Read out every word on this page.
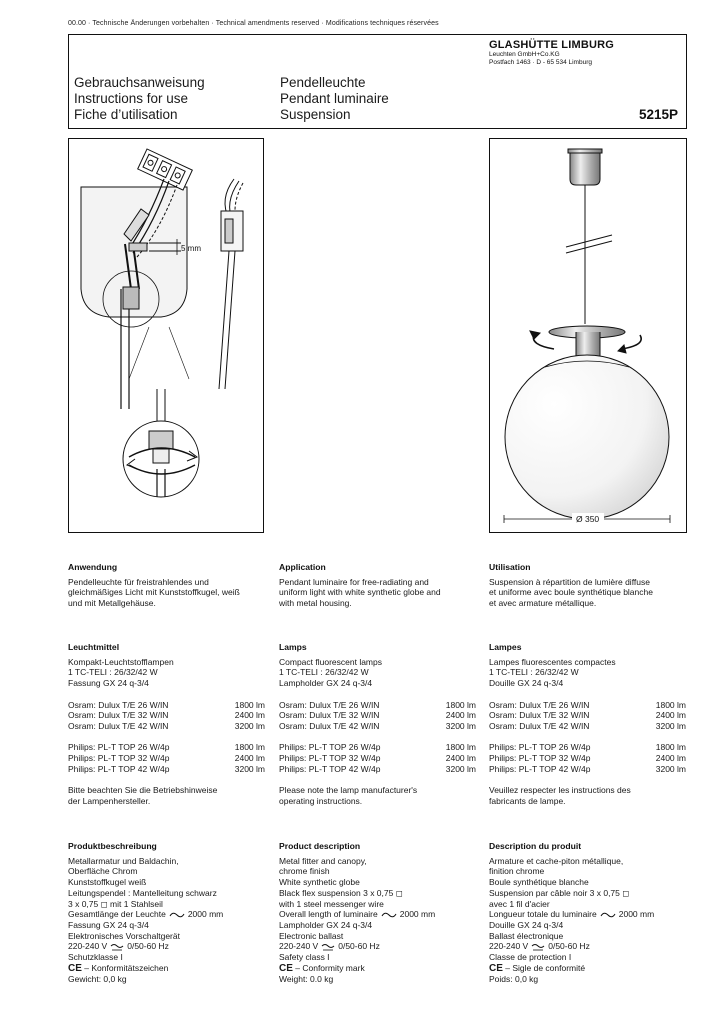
00.00 · Technische Änderungen vorbehalten · Technical amendments reserved · Modifications techniques réservées
GLASHÜTTE LIMBURG
Leuchten GmbH+Co.KG
Postfach 1463 · D - 65 534 Limburg
Gebrauchsanweisung
Instructions for use
Fiche d’utilisation
Pendelleuchte
Pendant luminaire
Suspension	5215P
5 mm
Ø 350
Anwendung
Pendelleuchte für freistrahlendes und
gleichmäßiges Licht mit Kunststoffkugel, weiß
und mit Metallgehäuse.
Leuchtmittel
Kompakt-Leuchtstofflampen
1 TC-TELI : 26/32/42 W
Fassung GX 24 q-3/4
Osram: Dulux T/E 26 W/IN	1800 lm
Osram: Dulux T/E 32 W/IN	2400 lm
Osram: Dulux T/E 42 W/IN	3200 lm
Philips: PL-T TOP 26 W/4p	1800 lm
Philips: PL-T TOP 32 W/4p	2400 lm
Philips: PL-T TOP 42 W/4p	3200 lm
Bitte beachten Sie die Betriebshinweise
der Lampenhersteller.
Produktbeschreibung
Metallarmatur und Baldachin,
Oberfläche Chrom
Kunststoffkugel weiß
Leitungspendel : Mantelleitung schwarz
3 x 0,75 ◻ mit 1 Stahlseil
Gesamtlänge der Leuchte	2000 mm
Fassung GX 24 q-3/4
Elektronisches Vorschaltgerät
220-240 V 0/50-60 Hz
Schutzklasse I
CE – Konformitätszeichen
Gewicht: 0,0 kg
Application
Pendant luminaire for free-radiating and
uniform light with white synthetic globe and
with metal housing.
Lamps
Compact fluorescent lamps
1 TC-TELI : 26/32/42 W
Lampholder GX 24 q-3/4
Osram: Dulux T/E 26 W/IN	1800 lm
Osram: Dulux T/E 32 W/IN	2400 lm
Osram: Dulux T/E 42 W/IN	3200 lm
Philips: PL-T TOP 26 W/4p	1800 lm
Philips: PL-T TOP 32 W/4p	2400 lm
Philips: PL-T TOP 42 W/4p	3200 lm
Please note the lamp manufacturer's
operating instructions.
Product description
Metal fitter and canopy,
chrome finish
White synthetic globe
Black flex suspension 3 x 0,75 ◻
with 1 steel messenger wire
Overall length of luminaire	2000 mm
Lampholder GX 24 q-3/4
Electronic ballast
220-240 V 0/50-60 Hz
Safety class I
CE – Conformity mark
Weight: 0.0 kg
Utilisation
Suspension à répartition de lumière diffuse
et uniforme avec boule synthétique blanche
et avec armature métallique.
Lampes
Lampes fluorescentes compactes
1 TC-TELI : 26/32/42 W
Douille GX 24 q-3/4
Osram: Dulux T/E 26 W/IN	1800 lm
Osram: Dulux T/E 32 W/IN	2400 lm
Osram: Dulux T/E 42 W/IN	3200 lm
Philips: PL-T TOP 26 W/4p	1800 lm
Philips: PL-T TOP 32 W/4p	2400 lm
Philips: PL-T TOP 42 W/4p	3200 lm
Veuillez respecter les instructions des
fabricants de lampe.
Description du produit
Armature et cache-piton métallique,
finition chrome
Boule synthétique blanche
Suspension par câble noir 3 x 0,75 ◻
avec 1 fil d'acier
Longueur totale du luminaire	2000 mm
Douille GX 24 q-3/4
Ballast électronique
220-240 V 0/50-60 Hz
Classe de protection I
CE – Sigle de conformité
Poids: 0,0 kg
